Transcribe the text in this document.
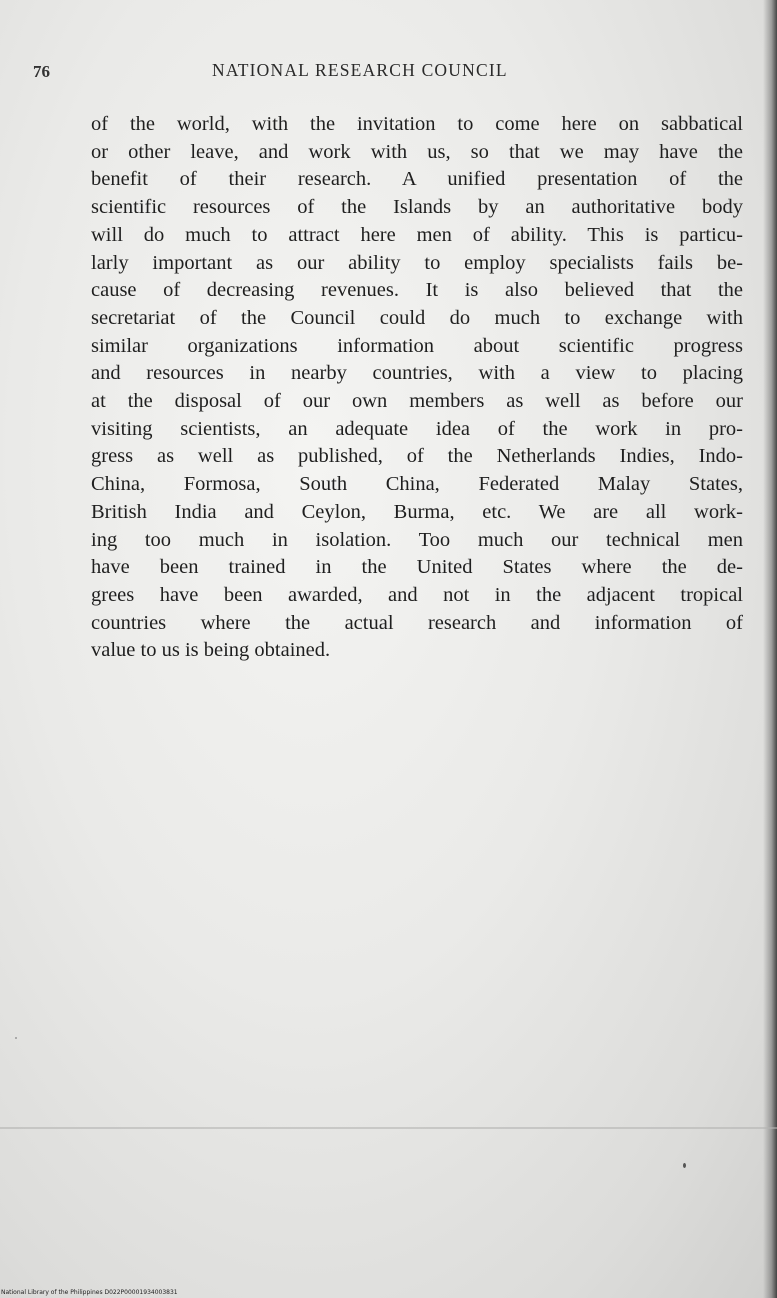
76	NATIONAL RESEARCH COUNCIL
of the world, with the invitation to come here on sabbatical
or other leave, and work with us, so that we may have the
benefit of their research. A unified presentation of the
scientific resources of the Islands by an authoritative body
will do much to attract here men of ability. This is particu-
larly important as our ability to employ specialists fails be-
cause of decreasing revenues. It is also believed that the
secretariat of the Council could do much to exchange with
similar organizations information about scientific progress
and resources in nearby countries, with a view to placing
at the disposal of our own members as well as before our
visiting scientists, an adequate idea of the work in pro-
gress as well as published, of the Netherlands Indies, Indo-
China, Formosa, South China, Federated Malay States,
British India and Ceylon, Burma, etc. We are all work-
ing too much in isolation. Too much our technical men
have been trained in the United States where the de-
grees have been awarded, and not in the adjacent tropical
countries where the actual research and information of
value to us is being obtained.
National Library of the Philippines D022P00001934003831
